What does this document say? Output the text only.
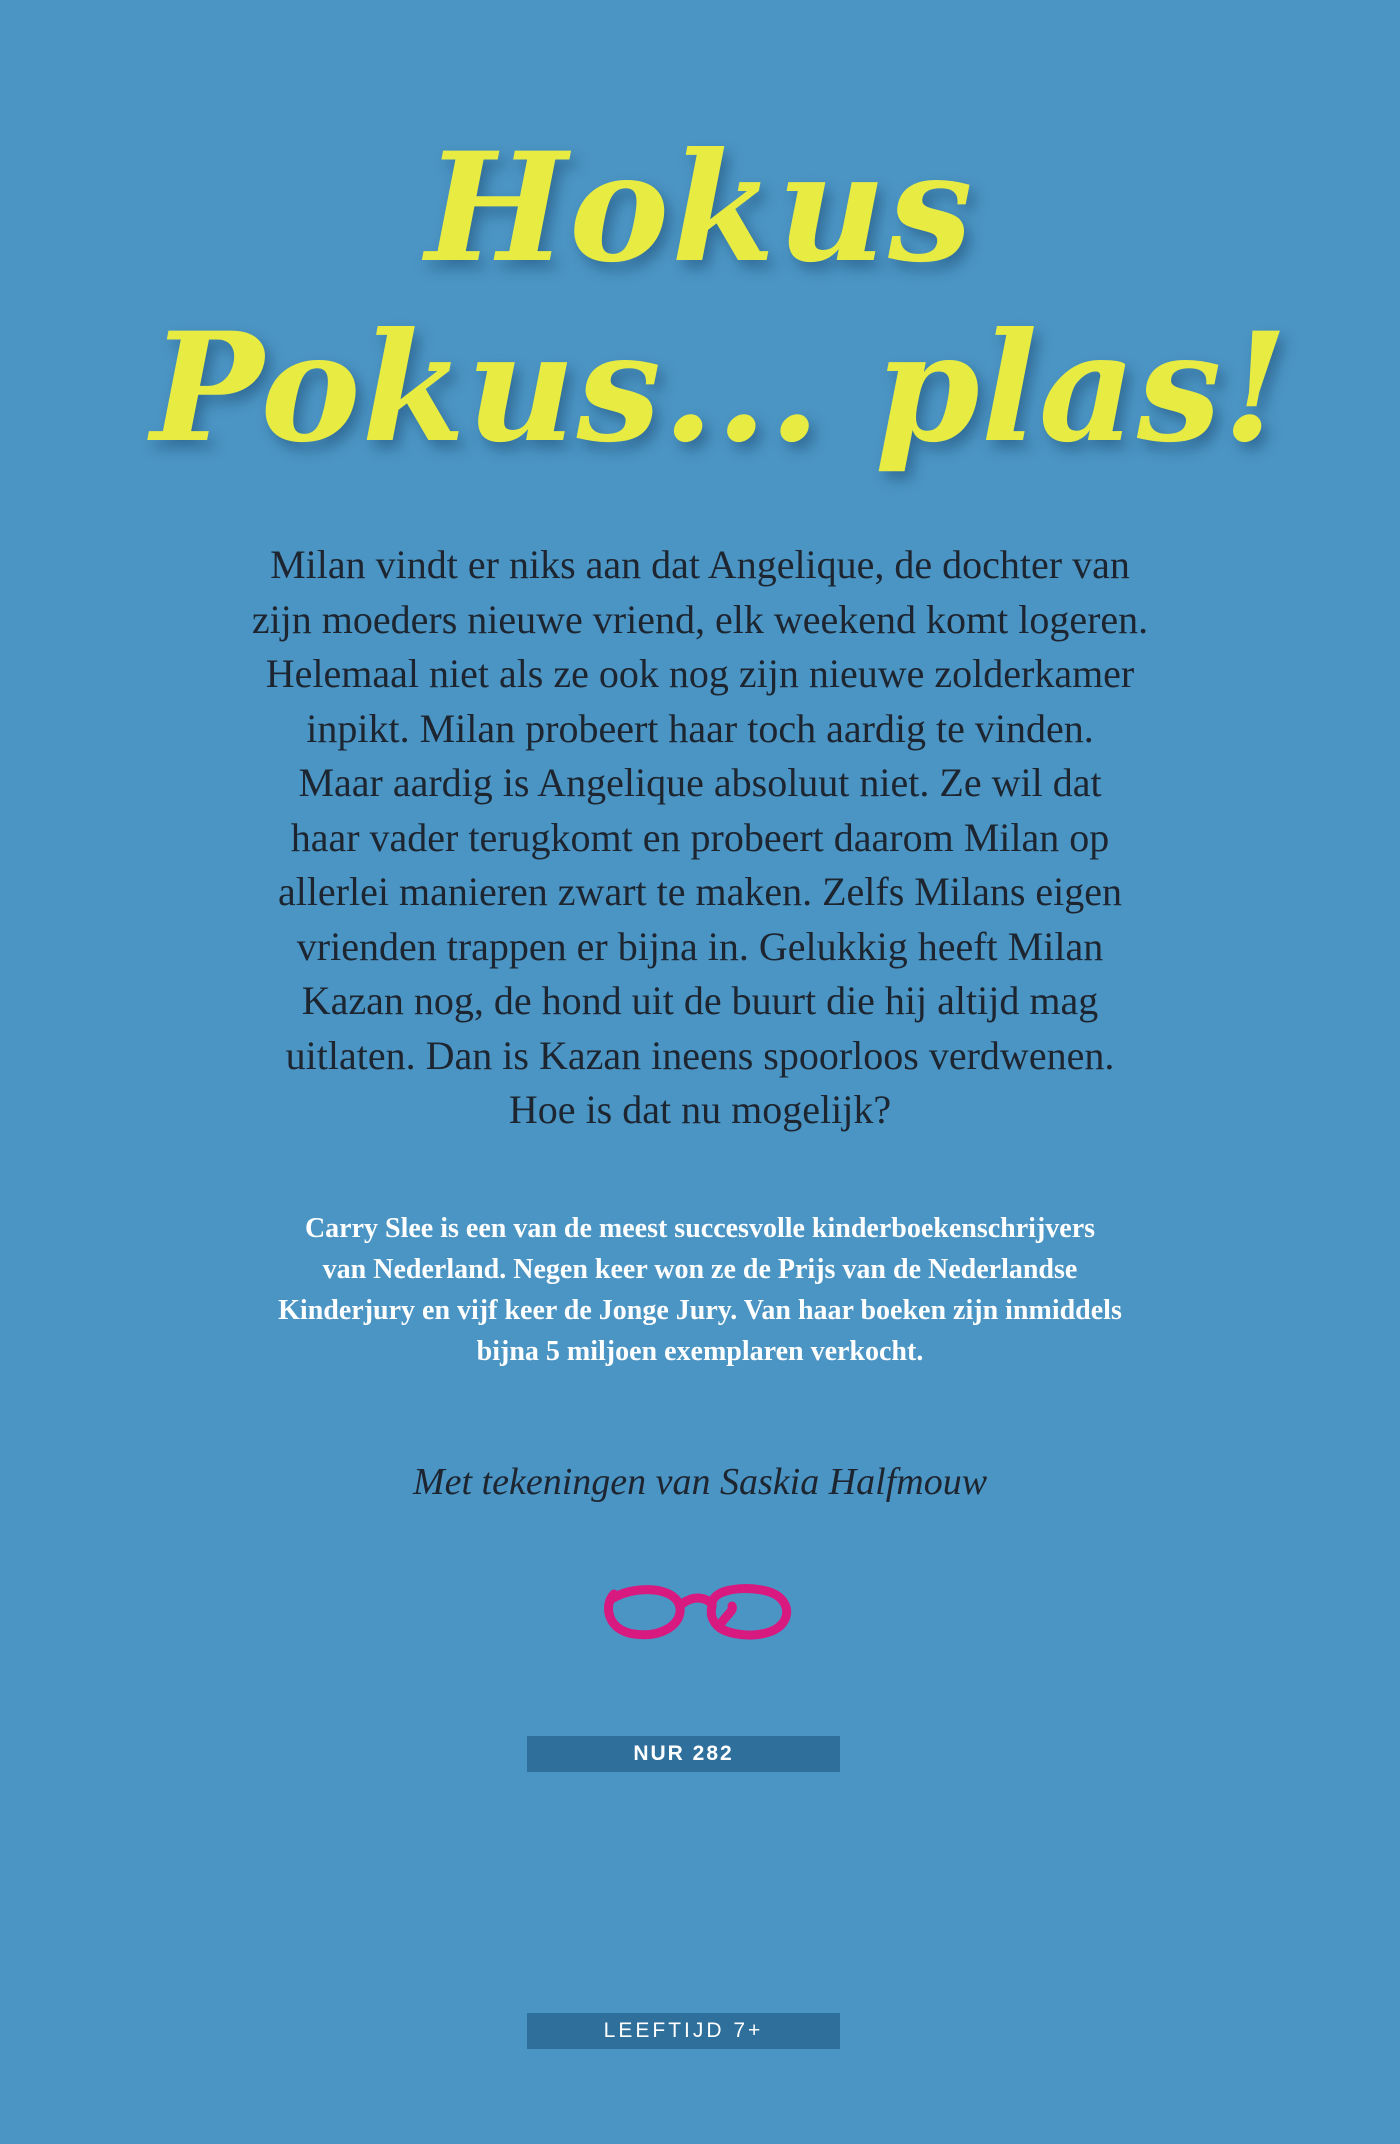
Hokus
Pokus... plas!
Milan vindt er niks aan dat Angelique, de dochter van
zijn moeders nieuwe vriend, elk weekend komt logeren.
Helemaal niet als ze ook nog zijn nieuwe zolderkamer
inpikt. Milan probeert haar toch aardig te vinden.
Maar aardig is Angelique absoluut niet. Ze wil dat
haar vader terugkomt en probeert daarom Milan op
allerlei manieren zwart te maken. Zelfs Milans eigen
vrienden trappen er bijna in. Gelukkig heeft Milan
Kazan nog, de hond uit de buurt die hij altijd mag
uitlaten. Dan is Kazan ineens spoorloos verdwenen.
Hoe is dat nu mogelijk?
Carry Slee is een van de meest succesvolle kinderboekenschrijvers
van Nederland. Negen keer won ze de Prijs van de Nederlandse
Kinderjury en vijf keer de Jonge Jury. Van haar boeken zijn inmiddels
bijna 5 miljoen exemplaren verkocht.
Met tekeningen van Saskia Halfmouw
NUR 282
LEEFTIJD 7+
